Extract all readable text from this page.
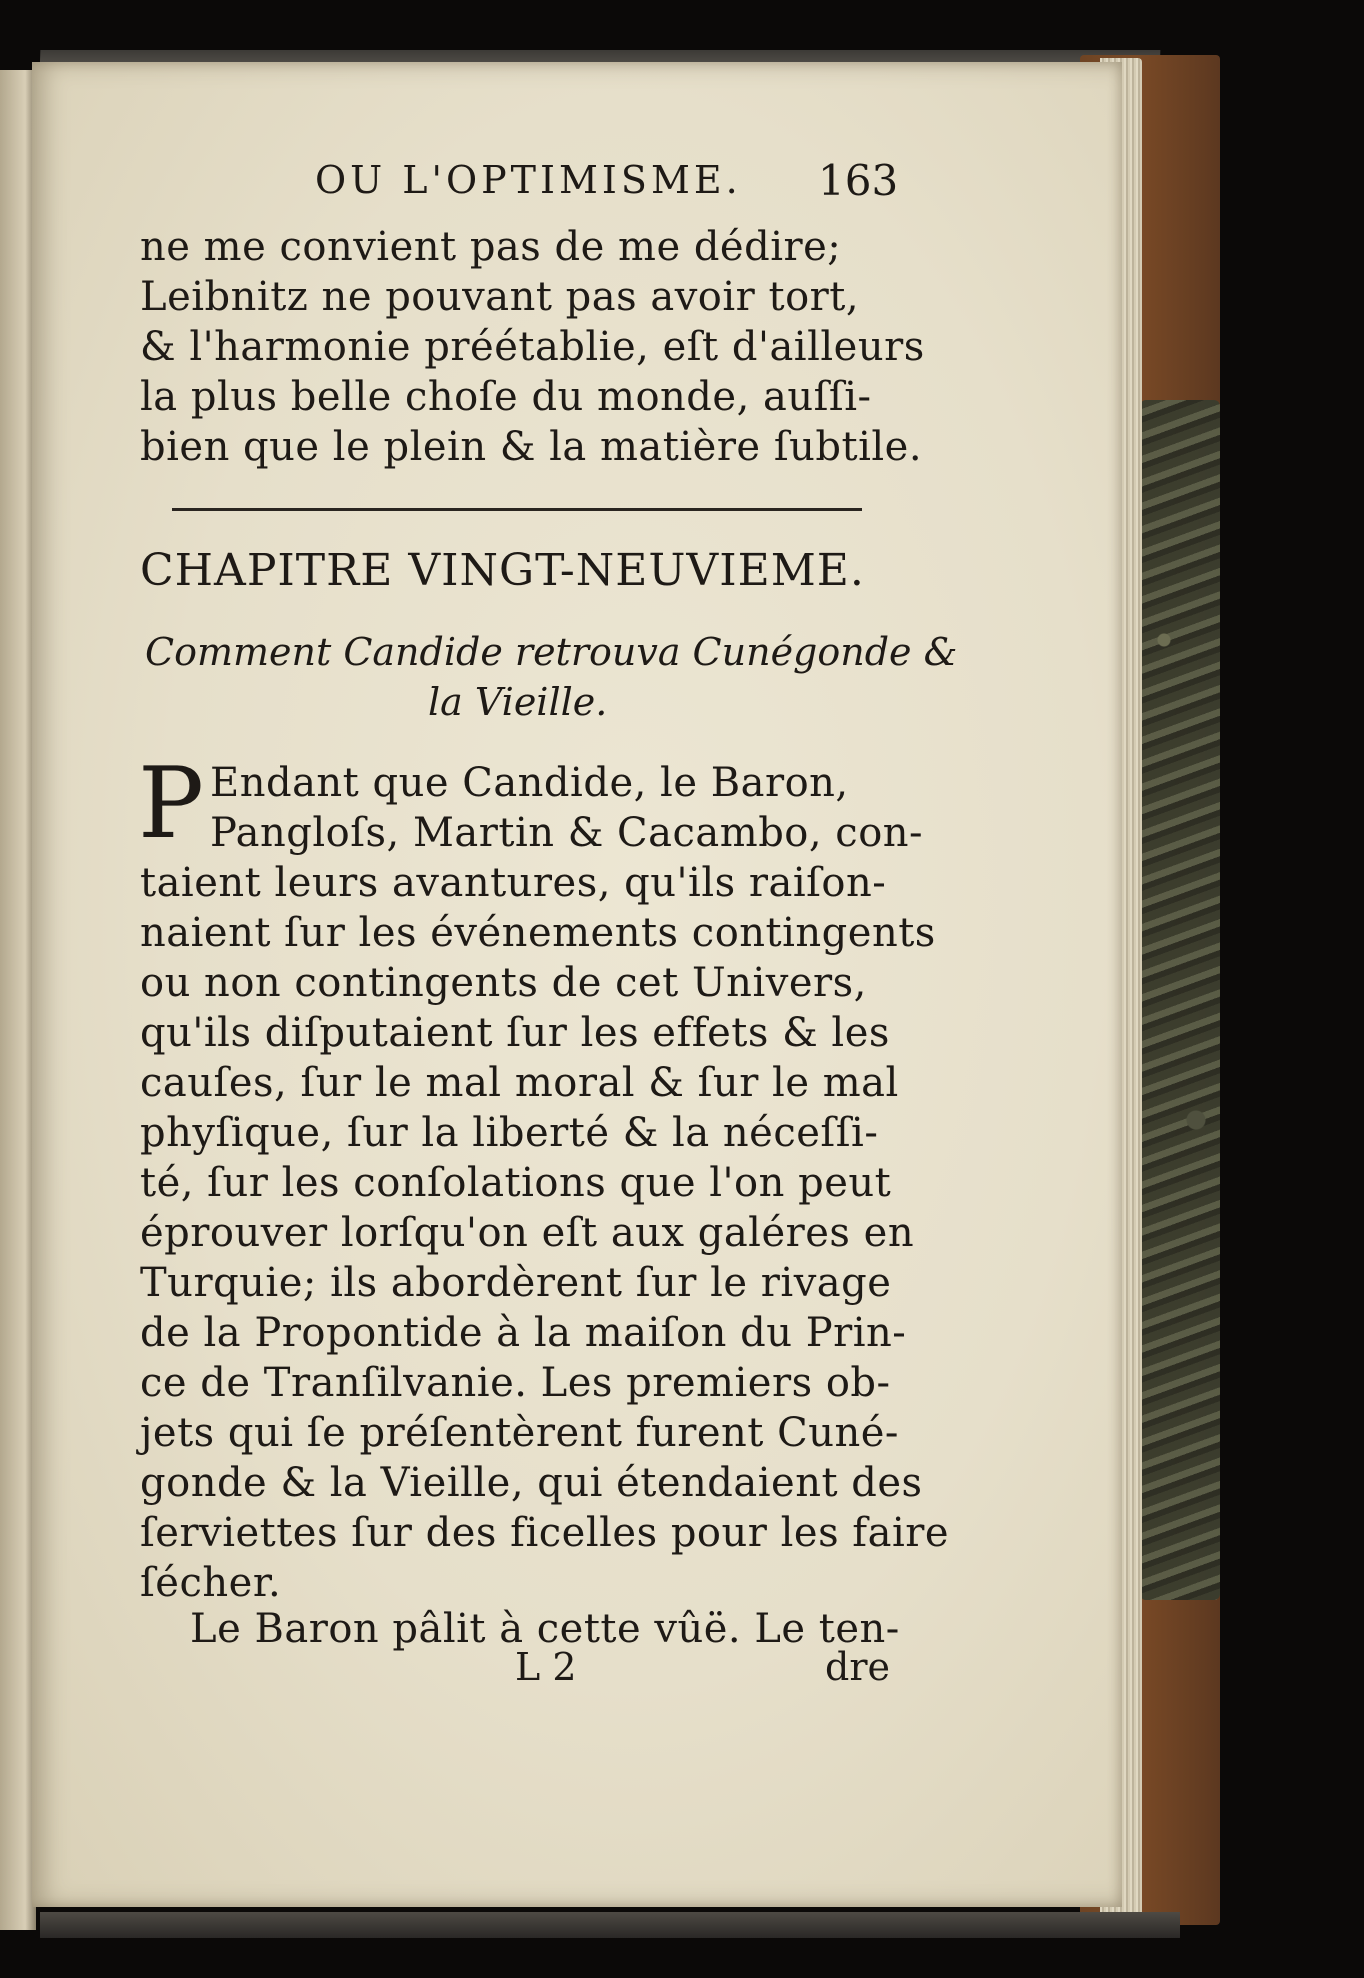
OU L'OPTIMISME. 163
ne me convient pas de me dédire;
Leibnitz ne pouvant pas avoir tort,
& l'harmonie préétablie, eſt d'ailleurs
la plus belle choſe du monde, auſſi-
bien que le plein & la matière ſubtile.
CHAPITRE VINGT-NEUVIEME.
Comment Candide retrouva Cunégonde &
la Vieille.
P Endant que Candide, le Baron,
Pangloſs, Martin & Cacambo, con-
taient leurs avantures, qu'ils raiſon-
naient ſur les événements contingents
ou non contingents de cet Univers,
qu'ils diſputaient ſur les effets & les
cauſes, ſur le mal moral & ſur le mal
phyſique, ſur la liberté & la néceſſi-
té, ſur les conſolations que l'on peut
éprouver lorſqu'on eſt aux galéres en
Turquie; ils abordèrent ſur le rivage
de la Propontide à la maiſon du Prin-
ce de Tranſilvanie. Les premiers ob-
jets qui ſe préſentèrent furent Cuné-
gonde & la Vieille, qui étendaient des
ſerviettes ſur des ficelles pour les faire
ſécher.
Le Baron pâlit à cette vûë. Le ten-
L 2	dre
